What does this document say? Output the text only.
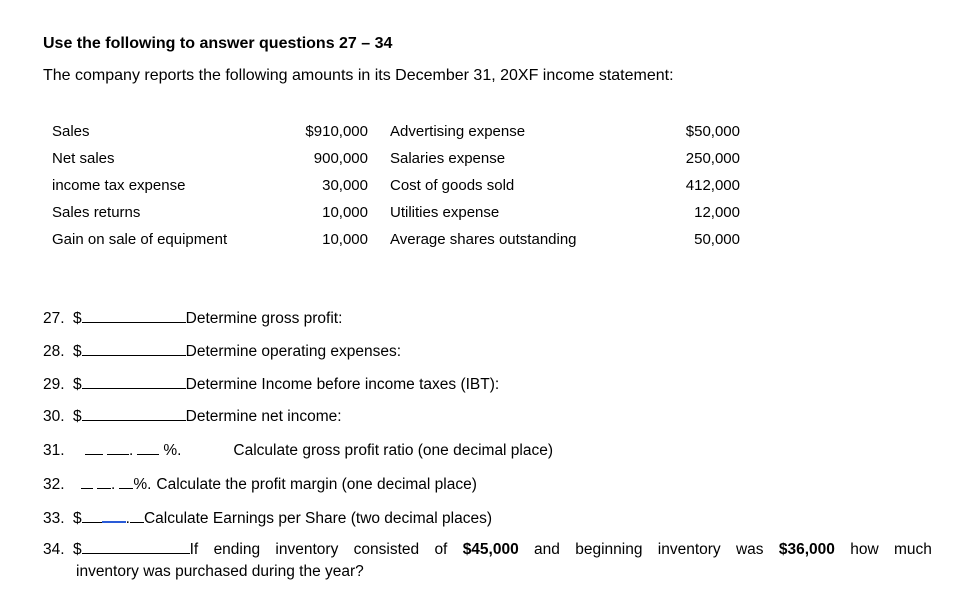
Use the following to answer questions 27 – 34
The company reports the following amounts in its December 31, 20XF income statement:
Sales	$910,000	Advertising expense	$50,000
Net sales	900,000	Salaries expense	250,000
income tax expense	30,000	Cost of goods sold	412,000
Sales returns	10,000	Utilities expense	12,000
Gain on sale of equipment	10,000	Average shares outstanding	50,000
27. $	Determine gross profit:
28. $	Determine operating expenses:
29. $	Determine Income before income taxes (IBT):
30. $	Determine net income:
31.	. %.	Calculate gross profit ratio (one decimal place)
32.	. %. Calculate the profit margin (one decimal place)
33. $	. Calculate Earnings per Share (two decimal places)
34. $	If ending inventory consisted of $45,000 and beginning inventory was $36,000 how much
inventory was purchased during the year?
